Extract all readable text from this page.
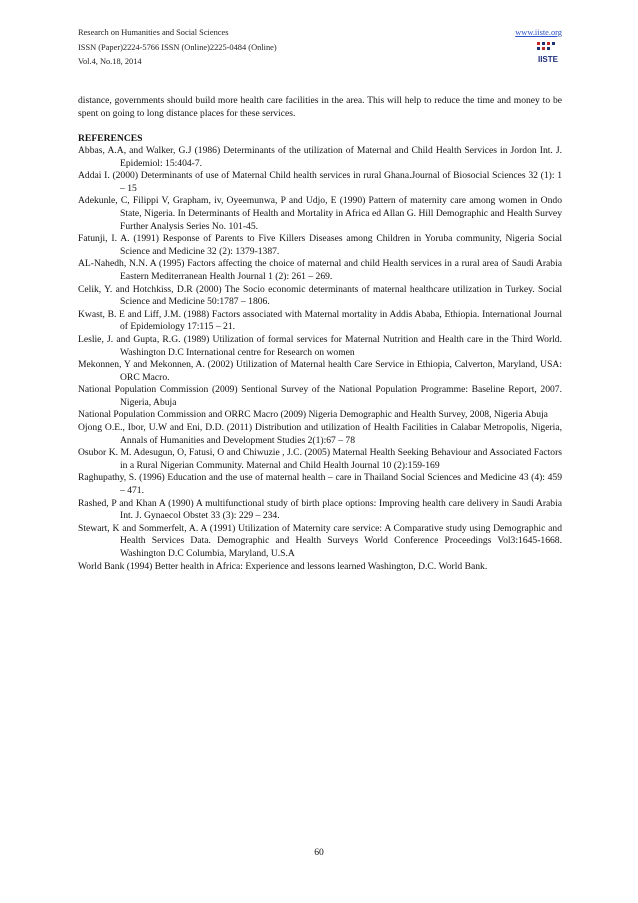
Research on Humanities and Social Sciences
ISSN (Paper)2224-5766 ISSN (Online)2225-0484 (Online)
Vol.4, No.18, 2014
www.iiste.org
IISTE

distance, governments should build more health care facilities in the area. This will help to reduce the time and money to be spent on going to long distance places for these services.

REFERENCES
Abbas, A.A, and Walker, G.J (1986) Determinants of the utilization of Maternal and Child Health Services in Jordon Int. J. Epidemiol: 15:404-7.
Addai I. (2000) Determinants of use of Maternal Child health services in rural Ghana.Journal of Biosocial Sciences 32 (1): 1 – 15
Adekunle, C, Filippi V, Grapham, iv, Oyeemunwa, P and Udjo, E (1990) Pattern of maternity care among women in Ondo State, Nigeria. In Determinants of Health and Mortality in Africa ed Allan G. Hill Demographic and Health Survey Further Analysis Series No. 101-45.
Fatunji, I. A. (1991) Response of Parents to Five Killers Diseases among Children in Yoruba community, Nigeria Social Science and Medicine 32 (2): 1379-1387.
AL-Nahedh, N.N. A (1995) Factors affecting the choice of maternal and child Health services in a rural area of Saudi Arabia Eastern Mediterranean Health Journal 1 (2): 261 – 269.
Celik, Y. and Hotchkiss, D.R (2000) The Socio economic determinants of maternal healthcare utilization in Turkey. Social Science and Medicine 50:1787 – 1806.
Kwast, B. E and Liff, J.M. (1988) Factors associated with Maternal mortality in Addis Ababa, Ethiopia. International Journal of Epidemiology 17:115 – 21.
Leslie, J. and Gupta, R.G. (1989) Utilization of formal services for Maternal Nutrition and Health care in the Third World. Washington D.C International centre for Research on women
Mekonnen, Y and Mekonnen, A. (2002) Utilization of Maternal health Care Service in Ethiopia, Calverton, Maryland, USA: ORC Macro.
National Population Commission (2009) Sentional Survey of the National Population Programme: Baseline Report, 2007. Nigeria, Abuja
National Population Commission and ORRC Macro (2009) Nigeria Demographic and Health Survey, 2008, Nigeria Abuja
Ojong O.E., Ibor, U.W and Eni, D.D. (2011) Distribution and utilization of Health Facilities in Calabar Metropolis, Nigeria, Annals of Humanities and Development Studies 2(1):67 – 78
Osubor K. M. Adesugun, O, Fatusi, O and Chiwuzie , J.C. (2005) Maternal Health Seeking Behaviour and Associated Factors in a Rural Nigerian Community. Maternal and Child Health Journal 10 (2):159-169
Raghupathy, S. (1996) Education and the use of maternal health – care in Thailand Social Sciences and Medicine 43 (4): 459 – 471.
Rashed, P and Khan A (1990) A multifunctional study of birth place options: Improving health care delivery in Saudi Arabia Int. J. Gynaecol Obstet 33 (3): 229 – 234.
Stewart, K and Sommerfelt, A. A (1991) Utilization of Maternity care service: A Comparative study using Demographic and Health Services Data. Demographic and Health Surveys World Conference Proceedings Vol3:1645-1668. Washington D.C Columbia, Maryland, U.S.A
World Bank (1994) Better health in Africa: Experience and lessons learned Washington, D.C. World Bank.
60
